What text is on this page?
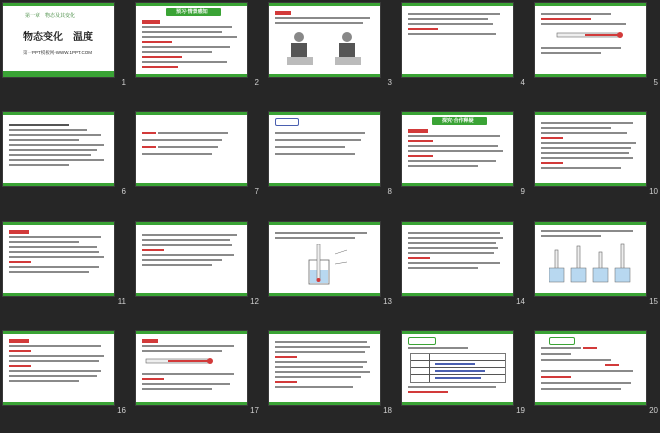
第一章　物态及其变化
物态变化　温度
第一PPT模板网-WWW.1PPT.COM
1
预习·情景感知
2	3	4	5
6	7	8
探究·合作释疑
9	10
11	12	13	14	15
16	17	18	19	20
